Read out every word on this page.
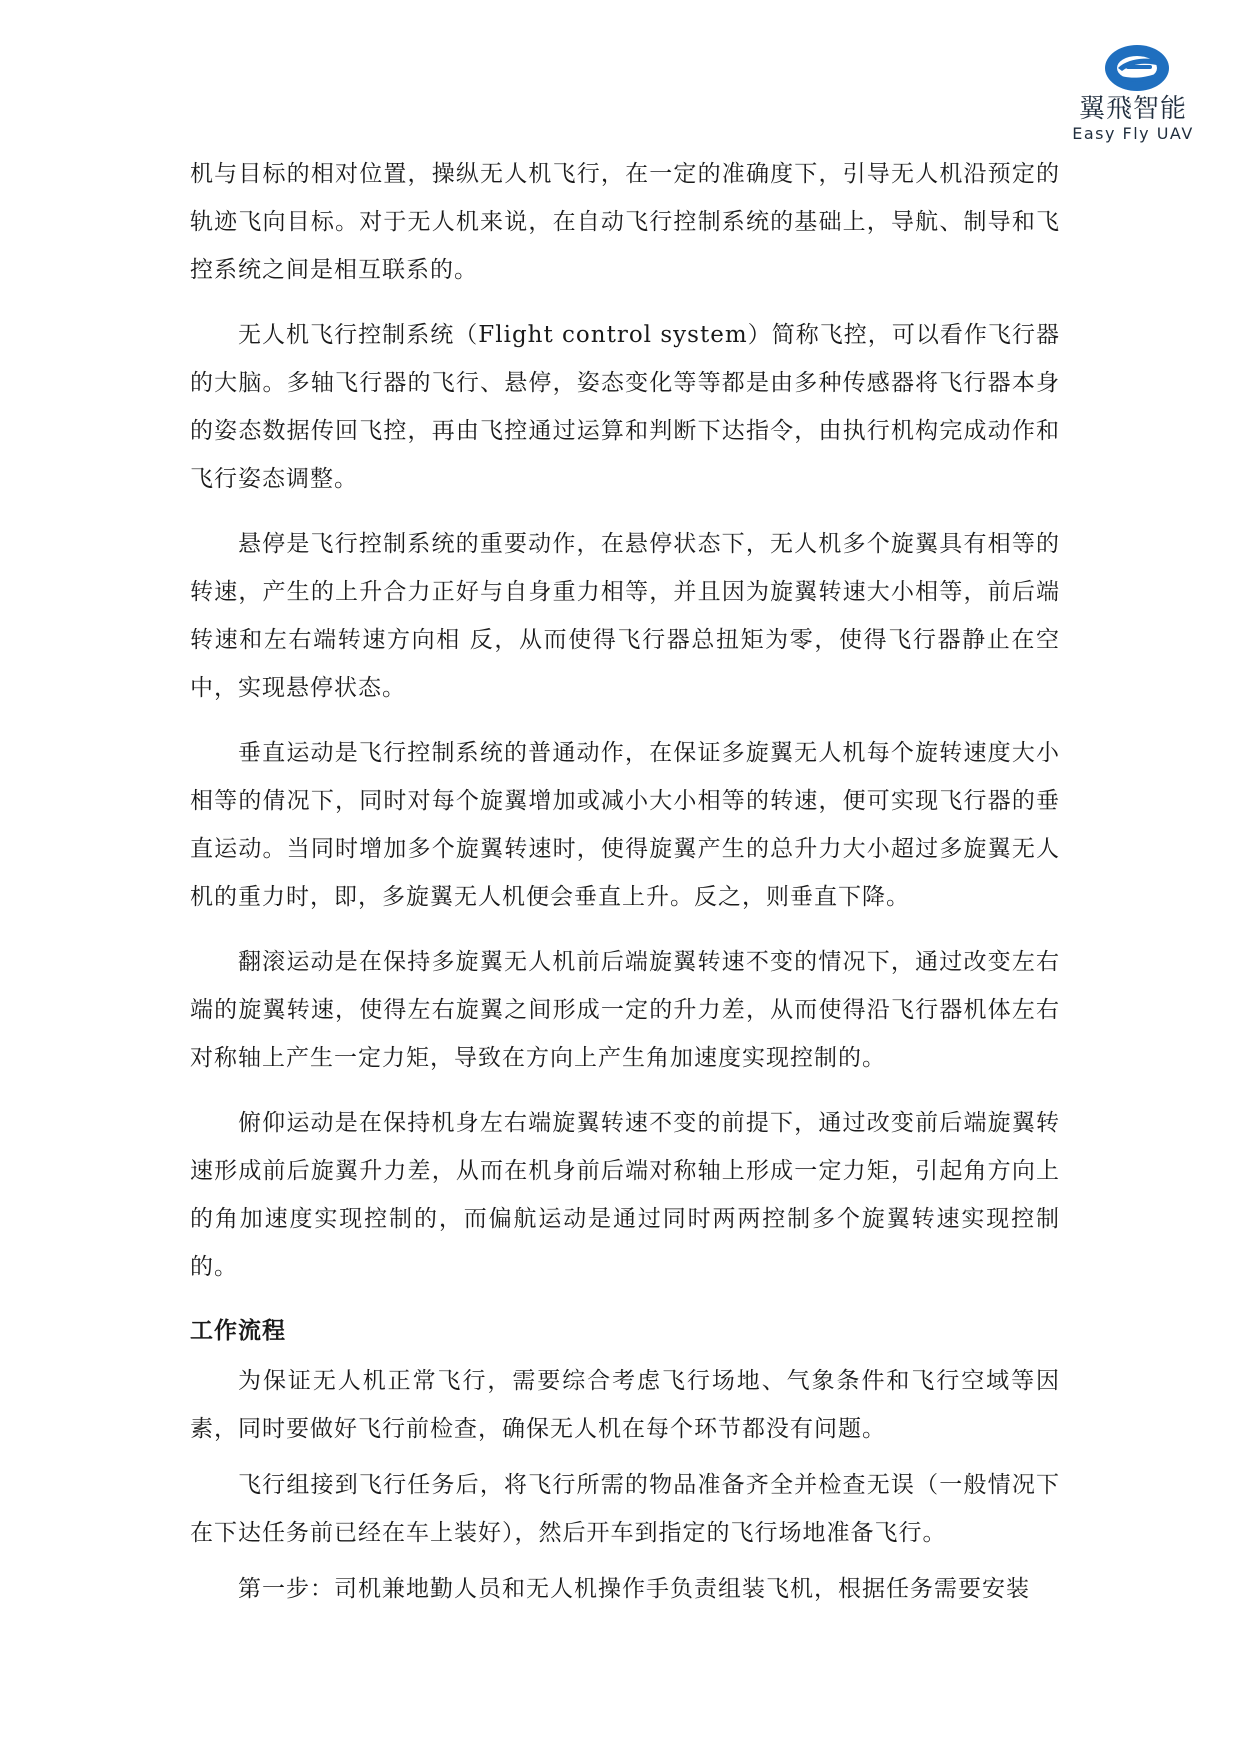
翼飛智能
Easy Fly UAV

机与目标的相对位置，操纵无人机飞行，在一定的准确度下，引导无人机沿预定的轨迹飞向目标。对于无人机来说，在自动飞行控制系统的基础上，导航、制导和飞控系统之间是相互联系的。

无人机飞行控制系统（Flight control system）简称飞控，可以看作飞行器的大脑。多轴飞行器的飞行、悬停，姿态变化等等都是由多种传感器将飞行器本身的姿态数据传回飞控，再由飞控通过运算和判断下达指令，由执行机构完成动作和飞行姿态调整。

悬停是飞行控制系统的重要动作，在悬停状态下，无人机多个旋翼具有相等的转速，产生的上升合力正好与自身重力相等，并且因为旋翼转速大小相等，前后端转速和左右端转速方向相 反，从而使得飞行器总扭矩为零，使得飞行器静止在空中，实现悬停状态。

垂直运动是飞行控制系统的普通动作，在保证多旋翼无人机每个旋转速度大小相等的倩况下，同时对每个旋翼增加或减小大小相等的转速，便可实现飞行器的垂直运动。当同时增加多个旋翼转速时，使得旋翼产生的总升力大小超过多旋翼无人机的重力时，即，多旋翼无人机便会垂直上升。反之，则垂直下降。

翻滚运动是在保持多旋翼无人机前后端旋翼转速不变的情况下，通过改变左右端的旋翼转速，使得左右旋翼之间形成一定的升力差，从而使得沿飞行器机体左右对称轴上产生一定力矩，导致在方向上产生角加速度实现控制的。

俯仰运动是在保持机身左右端旋翼转速不变的前提下，通过改变前后端旋翼转速形成前后旋翼升力差，从而在机身前后端对称轴上形成一定力矩，引起角方向上的角加速度实现控制的，而偏航运动是通过同时两两控制多个旋翼转速实现控制的。

工作流程

为保证无人机正常飞行，需要综合考虑飞行场地、气象条件和飞行空域等因素，同时要做好飞行前检查，确保无人机在每个环节都没有问题。

飞行组接到飞行任务后，将飞行所需的物品准备齐全并检查无误（一般情况下在下达任务前已经在车上装好），然后开车到指定的飞行场地准备飞行。

第一步：司机兼地勤人员和无人机操作手负责组装飞机，根据任务需要安装
